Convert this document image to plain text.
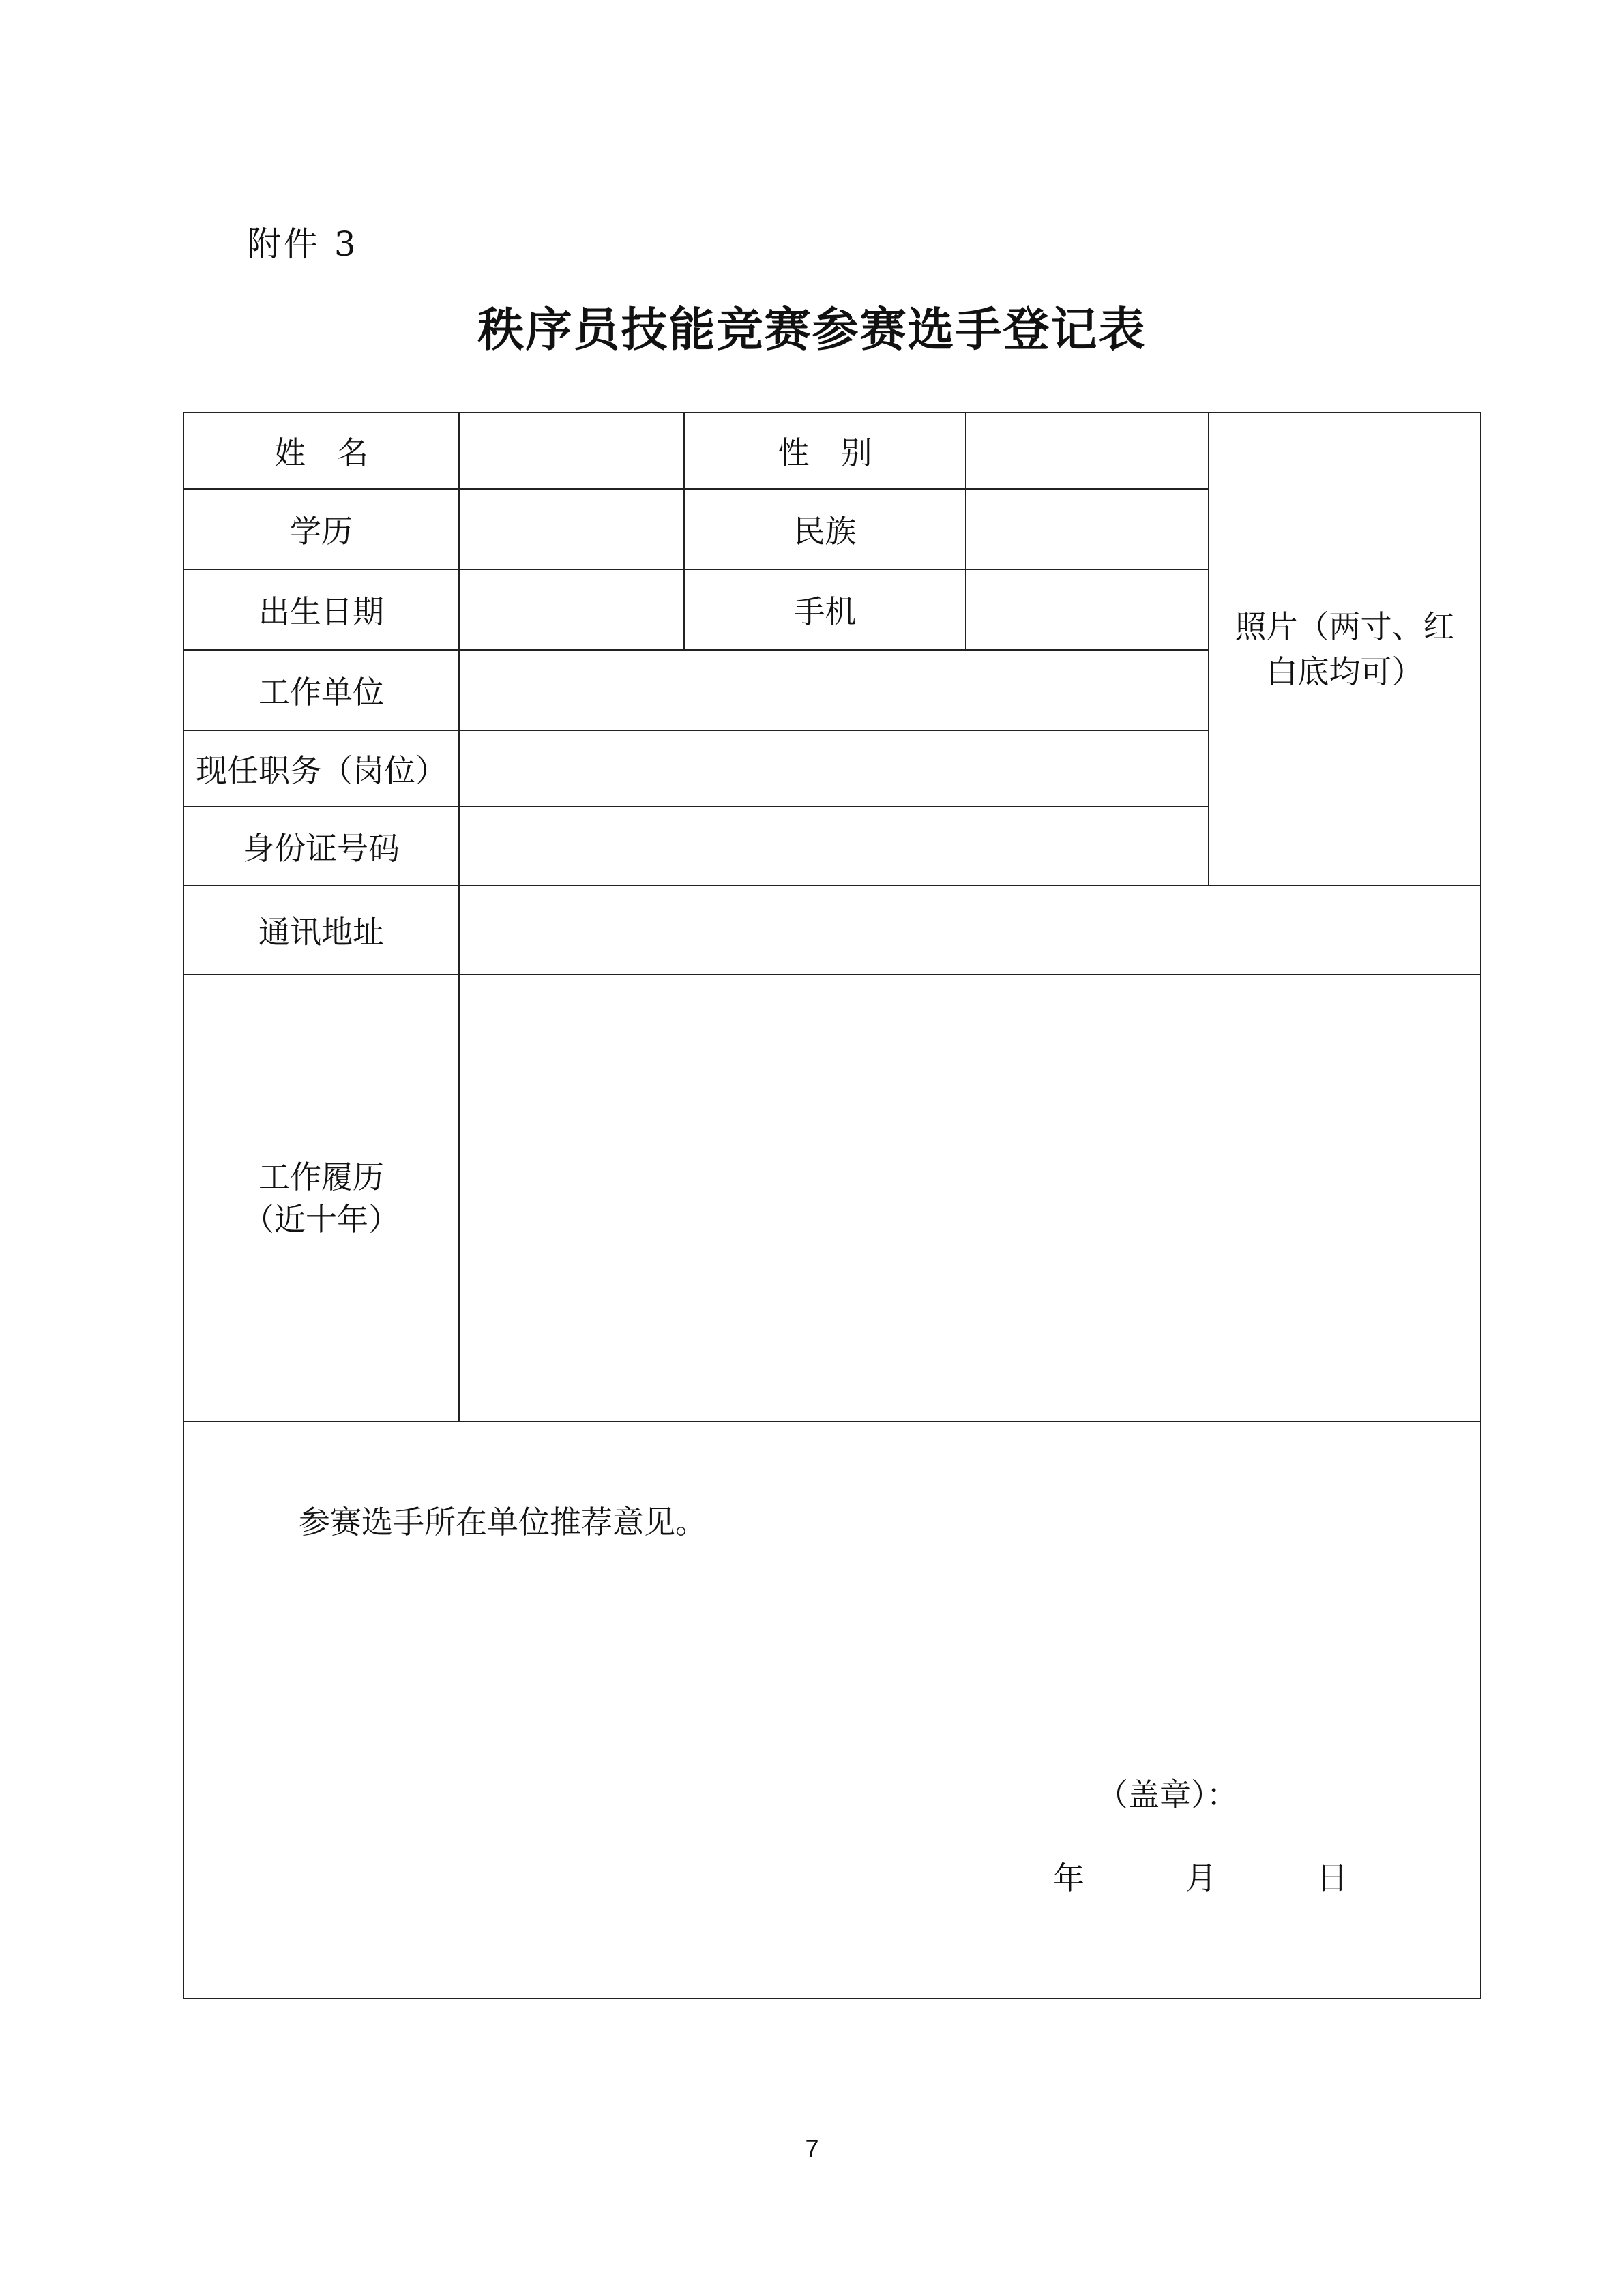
附件 3
秩序员技能竞赛参赛选手登记表
姓　名		性　别		照片（两寸、红
白底均可）

学历		民族		
出生日期		手机		
工作单位				
现任职务（岗位）				
身份证号码				
通讯地址				

工作履历
（近十年）				

参赛选手所在单位推荐意见。
（盖章）：
年 月 日				
7
